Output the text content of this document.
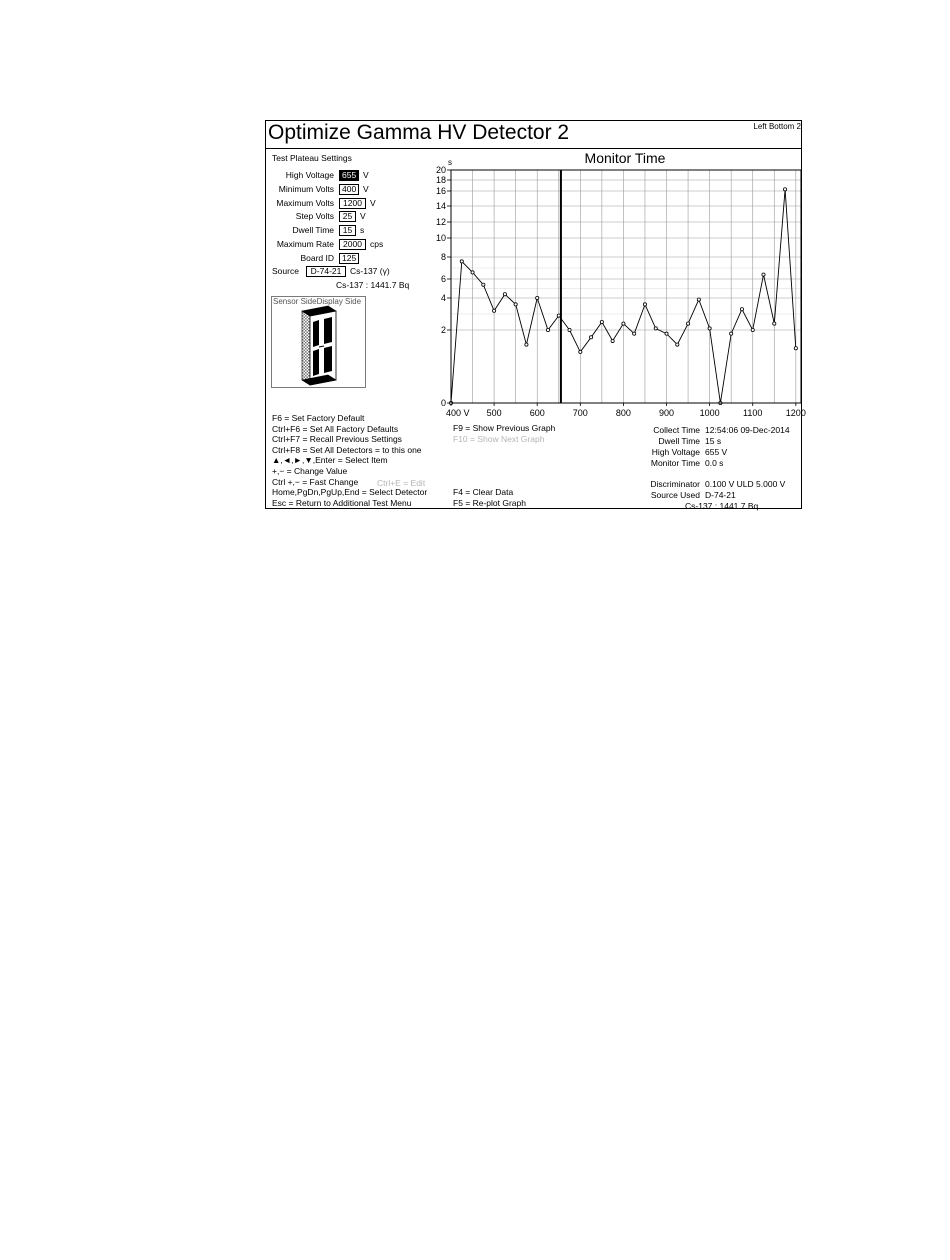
Optimize Gamma HV Detector 2	Left Bottom 2
Test Plateau Settings
High Voltage 655 V
Minimum Volts 400 V
Maximum Volts	1200 V
Step Volts	25 V
Dwell Time	15 s
Maximum Rate	2000 cps
Board ID 125
Source	D-74-21	Cs-137 (γ)
Cs-137 : 1441.7 Bq
Sensor SideDisplay Side
Monitor Time
s
0
2
4
6
8
10
12
14
16
18
20
400 V 500	600	700	800	900	1000	1100	1200
F6 = Set Factory Default
Ctrl+F6 = Set All Factory Defaults
Ctrl+F7 = Recall Previous Settings
Ctrl+F8 = Set All Detectors = to this one
▲,◄,►,▼,Enter = Select Item
+,− = Change Value
Ctrl +,− = Fast Change
Home,PgDn,PgUp,End = Select Detector
Esc = Return to Additional Test Menu
Ctrl+E = Edit
F9 = Show Previous Graph
F10 = Show Next Graph
F4 = Clear Data
F5 = Re-plot Graph
Collect Time 12:54:06 09-Dec-2014
Dwell Time 15 s
High Voltage 655 V
Monitor Time 0.0 s
Discriminator 0.100 V ULD 5.000 V
Source Used D-74-21
Cs-137 : 1441.7 Bq
